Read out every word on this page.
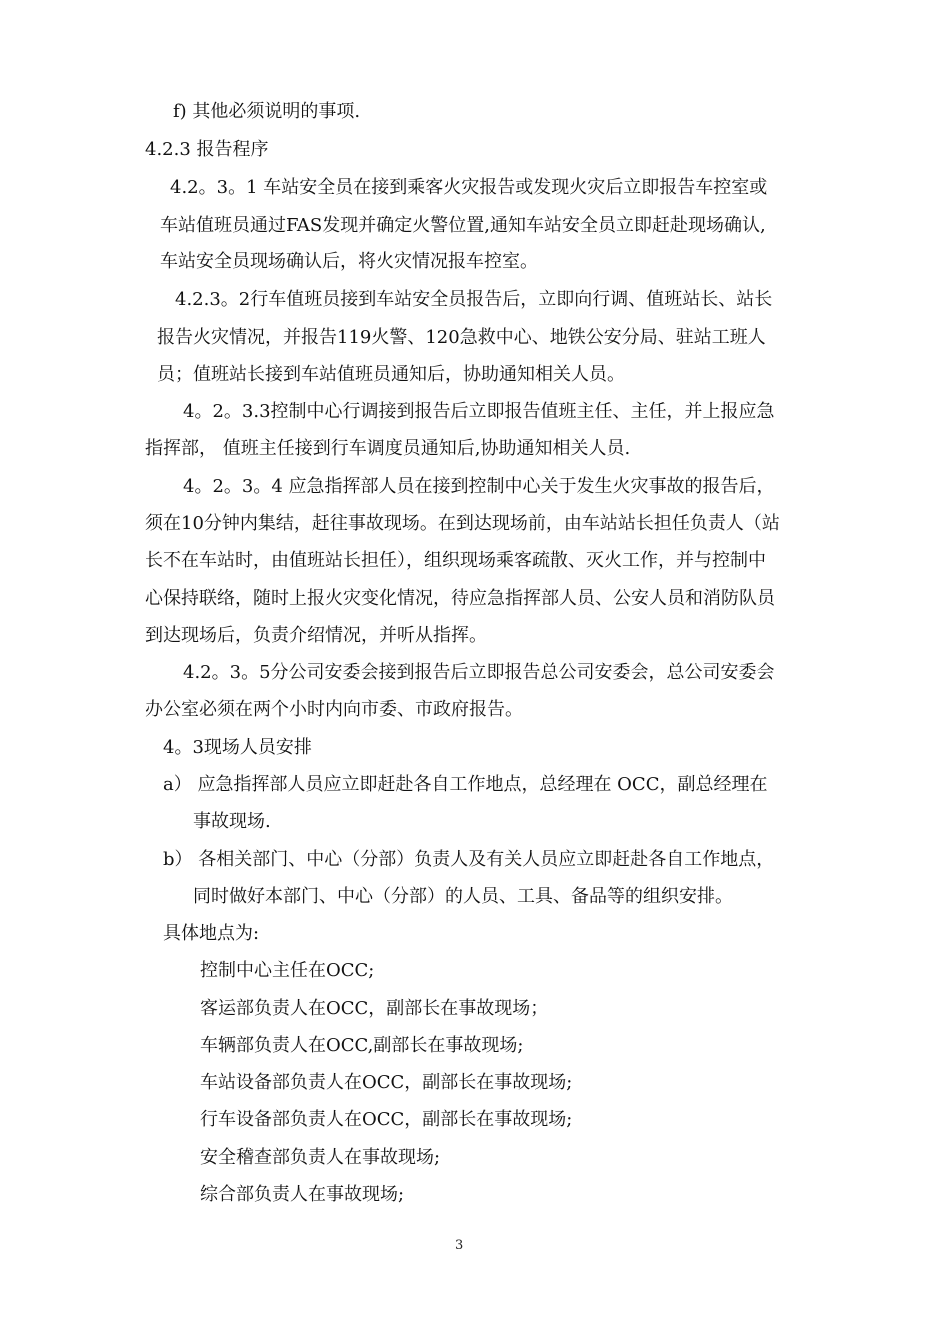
f) 其他必须说明的事项.
4.2.3 报告程序
4.2。3。1 车站安全员在接到乘客火灾报告或发现火灾后立即报告车控室或
车站值班员通过FAS发现并确定火警位置,通知车站安全员立即赶赴现场确认,
车站安全员现场确认后，将火灾情况报车控室。
4.2.3。2行车值班员接到车站安全员报告后，立即向行调、值班站长、站长
报告火灾情况，并报告119火警、120急救中心、地铁公安分局、驻站工班人
员；值班站长接到车站值班员通知后，协助通知相关人员。
4。2。3.3控制中心行调接到报告后立即报告值班主任、主任，并上报应急
指挥部， 值班主任接到行车调度员通知后,协助通知相关人员.
4。2。3。4 应急指挥部人员在接到控制中心关于发生火灾事故的报告后，
须在10分钟内集结，赶往事故现场。在到达现场前，由车站站长担任负责人（站
长不在车站时，由值班站长担任），组织现场乘客疏散、灭火工作，并与控制中
心保持联络，随时上报火灾变化情况，待应急指挥部人员、公安人员和消防队员
到达现场后，负责介绍情况，并听从指挥。
4.2。3。5分公司安委会接到报告后立即报告总公司安委会，总公司安委会
办公室必须在两个小时内向市委、市政府报告。
4。3现场人员安排
a） 应急指挥部人员应立即赶赴各自工作地点，总经理在 OCC，副总经理在
事故现场.
b） 各相关部门、中心（分部）负责人及有关人员应立即赶赴各自工作地点，
同时做好本部门、中心（分部）的人员、工具、备品等的组织安排。
具体地点为:
控制中心主任在OCC;
客运部负责人在OCC，副部长在事故现场；
车辆部负责人在OCC,副部长在事故现场;
车站设备部负责人在OCC，副部长在事故现场;
行车设备部负责人在OCC，副部长在事故现场;
安全稽查部负责人在事故现场;
综合部负责人在事故现场;
3
